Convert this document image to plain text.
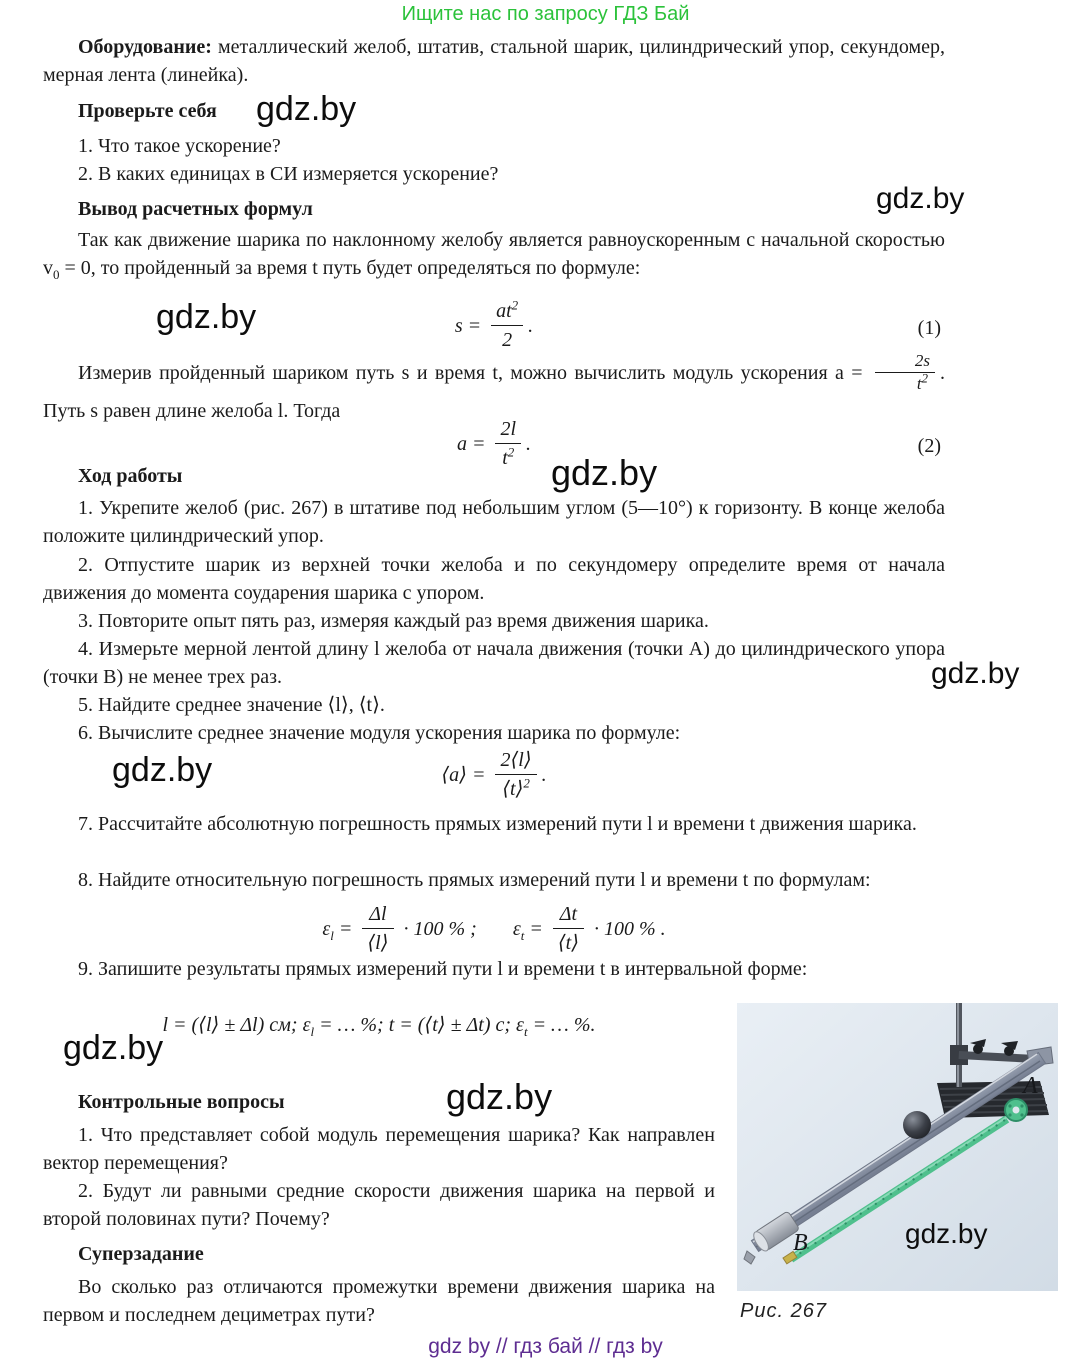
Ищите нас по запросу ГДЗ Бай

Оборудование: металлический желоб, штатив, стальной шарик, цилиндрический упор, секундомер, мерная лента (линейка).

Проверьте себя

1. Что такое ускорение?

2. В каких единицах в СИ измеряется ускорение?

Вывод расчетных формул

Так как движение шарика по наклонному желобу является равноускоренным с начальной скоростью $v_0 = 0$, то пройденный за время t путь будет определяться по формуле:

$s = \frac{at^2}{2}$ .	(1)

Измерив пройденный шариком путь s и время t, можно вычислить модуль ускорения $a = \frac{2s}{t^2}$ . Путь s равен длине желоба l. Тогда

$a = \frac{2l}{t^2}$ .	(2)
Ход работы

1. Укрепите желоб (рис. 267) в штативе под небольшим углом (5—10°) к горизонту. В конце желоба положите цилиндрический упор.

2. Отпустите шарик из верхней точки желоба и по секундомеру определите время от начала движения до момента соударения шарика с упором.

3. Повторите опыт пять раз, измеряя каждый раз время движения шарика.

4. Измерьте мерной лентой длину l желоба от начала движения (точки A) до цилиндрического упора (точки B) не менее трех раз.

5. Найдите среднее значение ⟨l⟩, ⟨t⟩.

6. Вычислите среднее значение модуля ускорения шарика по формуле:

⟨a⟩ = $\frac{2⟨l⟩}{⟨t⟩^2}$ .

7. Рассчитайте абсолютную погрешность прямых измерений пути l и времени t движения шарика.

8. Найдите относительную погрешность прямых измерений пути l и времени t по формулам:

$\varepsilon_l = \frac{\Delta l}{⟨l⟩} \cdot 100$ % ; $\varepsilon_t = \frac{\Delta t}{⟨t⟩} \cdot 100$ % .

9. Запишите результаты прямых измерений пути l и времени t в интервальной форме:

l = (⟨l⟩ ± Δl) см; $\varepsilon_l$ = … %; t = (⟨t⟩ ± Δt) с; $\varepsilon_t$ = … %.
Контрольные вопросы

1. Что представляет собой модуль перемещения шарика? Как направлен вектор перемещения?

2. Будут ли равными средние скорости движения шарика на первой и второй половинах пути? Почему?

Суперзадание

Во сколько раз отличаются промежутки времени движения шарика на первом и последнем дециметрах пути?

A
B	gdz.by
Рис. 267
gdz.by
gdz.by
gdz.by
gdz.by
gdz.by
gdz.by
gdz.by
gdz.by
gdz by // гдз бай // гдз by
